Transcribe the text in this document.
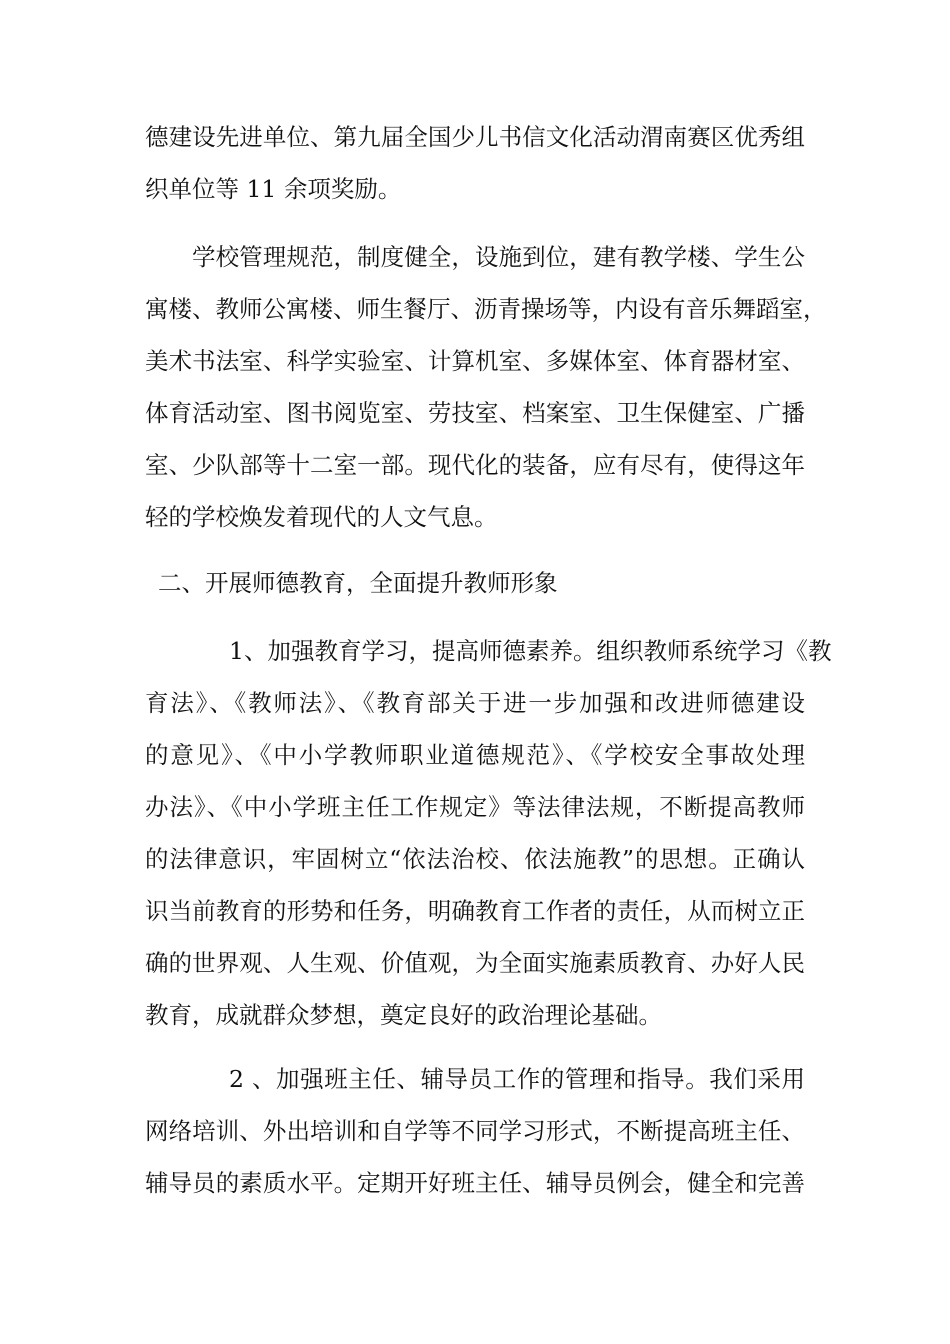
德建设先进单位、第九届全国少儿书信文化活动渭南赛区优秀组
织单位等 11 余项奖励。
学校管理规范，制度健全，设施到位，建有教学楼、学生公
寓楼、教师公寓楼、师生餐厅、沥青操场等，内设有音乐舞蹈室，
美术书法室、科学实验室、计算机室、多媒体室、体育器材室、
体育活动室、图书阅览室、劳技室、档案室、卫生保健室、广播
室、少队部等十二室一部。现代化的装备，应有尽有，使得这年
轻的学校焕发着现代的人文气息。
二、开展师德教育，全面提升教师形象
1、加强教育学习，提高师德素养。组织教师系统学习《教
育法》、《教师法》、《教育部关于进一步加强和改进师德建设
的意见》、《中小学教师职业道德规范》、《学校安全事故处理
办法》、《中小学班主任工作规定》等法律法规，不断提高教师
的法律意识，牢固树立“依法治校、依法施教”的思想。正确认
识当前教育的形势和任务，明确教育工作者的责任，从而树立正
确的世界观、人生观、价值观，为全面实施素质教育、办好人民
教育，成就群众梦想，奠定良好的政治理论基础。
2 、加强班主任、辅导员工作的管理和指导。我们采用
网络培训、外出培训和自学等不同学习形式，不断提高班主任、
辅导员的素质水平。定期开好班主任、辅导员例会，健全和完善
